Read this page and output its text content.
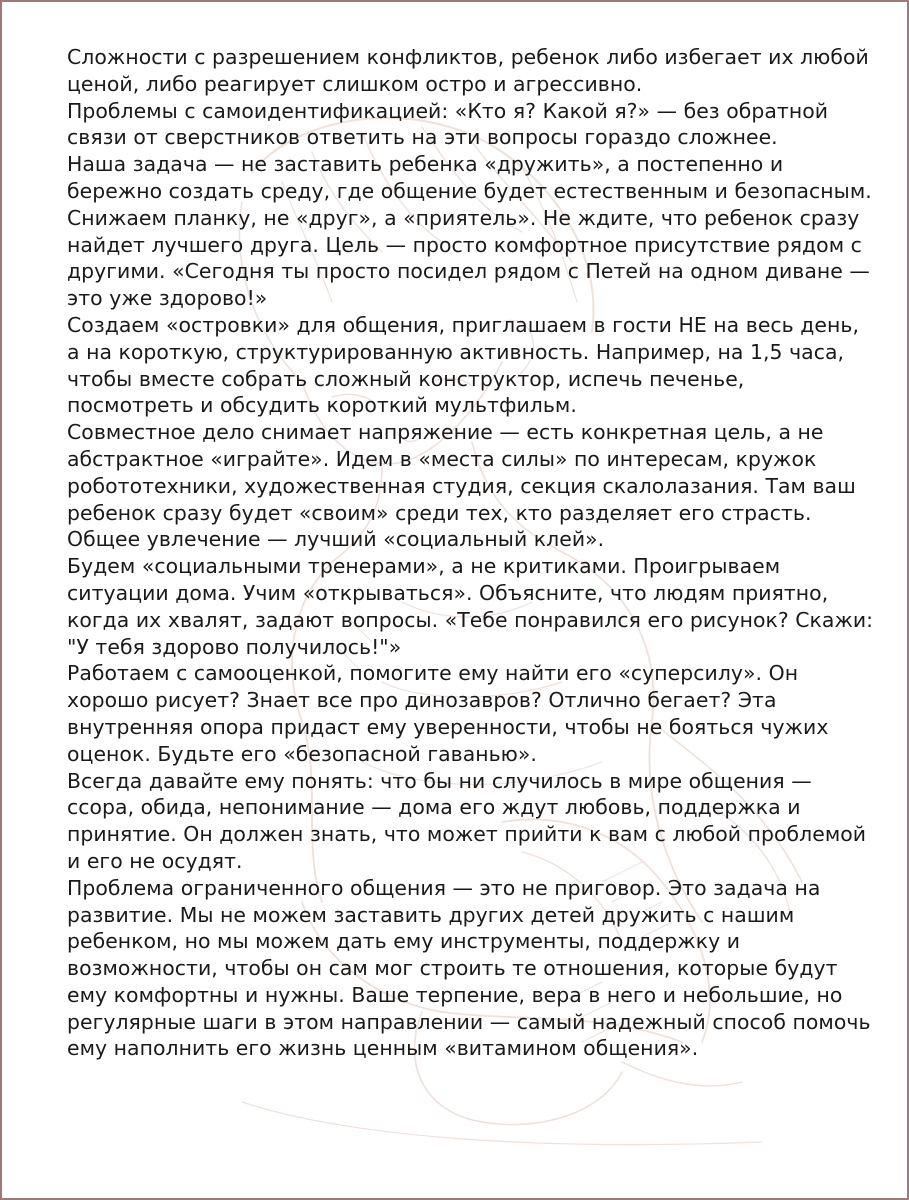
Сложности с разрешением конфликтов, ребенок либо избегает их любой ценой, либо реагирует слишком остро и агрессивно.

Проблемы с самоидентификацией: «Кто я? Какой я?» — без обратной связи от сверстников ответить на эти вопросы гораздо сложнее.

Наша задача — не заставить ребенка «дружить», а постепенно и бережно создать среду, где общение будет естественным и безопасным. Снижаем планку, не «друг», а «приятель». Не ждите, что ребенок сразу найдет лучшего друга. Цель — просто комфортное присутствие рядом с другими. «Сегодня ты просто посидел рядом с Петей на одном диване — это уже здорово!»

Создаем «островки» для общения, приглашаем в гости НЕ на весь день, а на короткую, структурированную активность. Например, на 1,5 часа, чтобы вместе собрать сложный конструктор, испечь печенье, посмотреть и обсудить короткий мультфильм.

Совместное дело снимает напряжение — есть конкретная цель, а не абстрактное «играйте». Идем в «места силы» по интересам, кружок робототехники, художественная студия, секция скалолазания. Там ваш ребенок сразу будет «своим» среди тех, кто разделяет его страсть. Общее увлечение — лучший «социальный клей».

Будем «социальными тренерами», а не критиками. Проигрываем ситуации дома. Учим «открываться». Объясните, что людям приятно, когда их хвалят, задают вопросы. «Тебе понравился его рисунок? Скажи: "У тебя здорово получилось!"»

Работаем с самооценкой, помогите ему найти его «суперсилу». Он хорошо рисует? Знает все про динозавров? Отлично бегает? Эта внутренняя опора придаст ему уверенности, чтобы не бояться чужих оценок. Будьте его «безопасной гаванью».

Всегда давайте ему понять: что бы ни случилось в мире общения — ссора, обида, непонимание — дома его ждут любовь, поддержка и принятие. Он должен знать, что может прийти к вам с любой проблемой и его не осудят.

Проблема ограниченного общения — это не приговор. Это задача на развитие. Мы не можем заставить других детей дружить с нашим ребенком, но мы можем дать ему инструменты, поддержку и возможности, чтобы он сам мог строить те отношения, которые будут ему комфортны и нужны. Ваше терпение, вера в него и небольшие, но регулярные шаги в этом направлении — самый надежный способ помочь ему наполнить его жизнь ценным «витамином общения».
